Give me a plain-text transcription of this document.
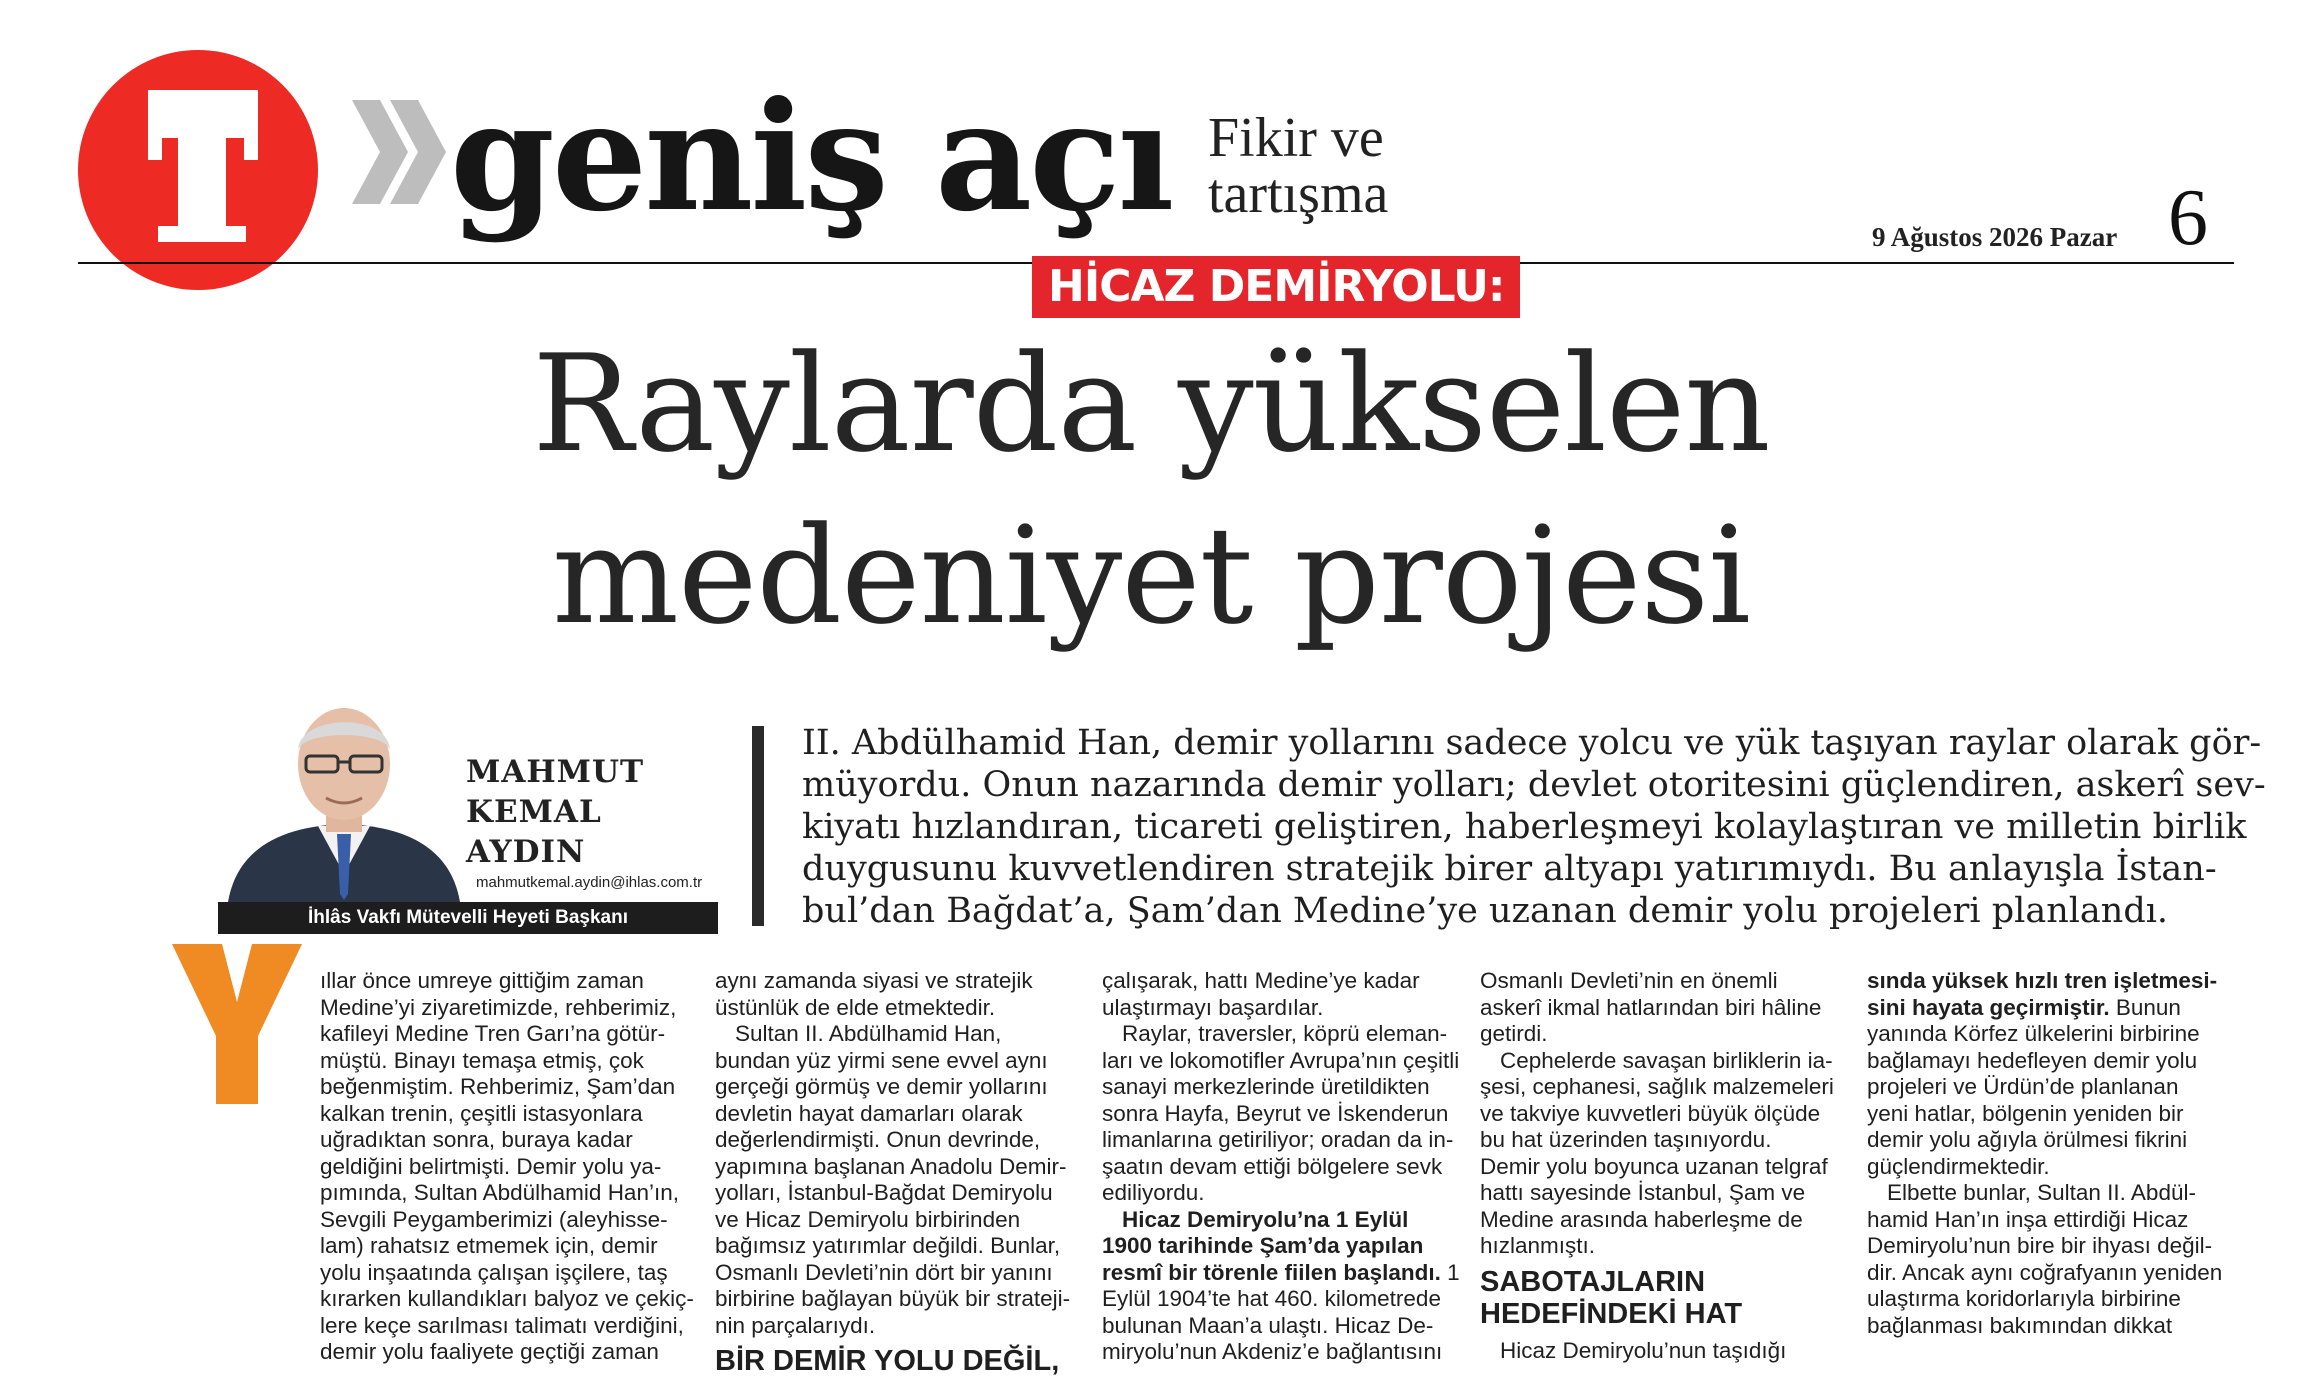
geniş açı Fikir ve
tartışma
9 Ağustos 2026 Pazar 6
HİCAZ DEMİRYOLU:
Raylarda yükselen
medeniyet projesi
MAHMUT
KEMAL
AYDIN
mahmutkemal.aydin@ihlas.com.tr
İhlâs Vakfı Mütevelli Heyeti Başkanı
II. Abdülhamid Han, demir yollarını sadece yolcu ve yük taşıyan raylar olarak gör-
müyordu. Onun nazarında demir yolları; devlet otoritesini güçlendiren, askerî sev-
kiyatı hızlandıran, ticareti geliştiren, haberleşmeyi kolaylaştıran ve milletin birlik
duygusunu kuvvetlendiren stratejik birer altyapı yatırımıydı. Bu anlayışla İstan-
bul’dan Bağdat’a, Şam’dan Medine’ye uzanan demir yolu projeleri planlandı.
ıllar önce umreye gittiğim zaman
Medine’yi ziyaretimizde, rehberimiz,
kafileyi Medine Tren Garı’na götür-
müştü. Binayı temaşa etmiş, çok
beğenmiştim. Rehberimiz, Şam’dan
kalkan trenin, çeşitli istasyonlara
uğradıktan sonra, buraya kadar
geldiğini belirtmişti. Demir yolu ya-
pımında, Sultan Abdülhamid Han’ın,
Sevgili Peygamberimizi (aleyhisse-
lam) rahatsız etmemek için, demir
yolu inşaatında çalışan işçilere, taş
kırarken kullandıkları balyoz ve çekiç-
lere keçe sarılması talimatı verdiğini,
demir yolu faaliyete geçtiği zaman
aynı zamanda siyasi ve stratejik
üstünlük de elde etmektedir.
Sultan II. Abdülhamid Han,
bundan yüz yirmi sene evvel aynı
gerçeği görmüş ve demir yollarını
devletin hayat damarları olarak
değerlendirmişti. Onun devrinde,
yapımına başlanan Anadolu Demir-
yolları, İstanbul-Bağdat Demiryolu
ve Hicaz Demiryolu birbirinden
bağımsız yatırımlar değildi. Bunlar,
Osmanlı Devleti’nin dört bir yanını
birbirine bağlayan büyük bir strateji-
nin parçalarıydı.
BİR DEMİR YOLU DEĞİL,
çalışarak, hattı Medine’ye kadar
ulaştırmayı başardılar.
Raylar, traversler, köprü eleman-
ları ve lokomotifler Avrupa’nın çeşitli
sanayi merkezlerinde üretildikten
sonra Hayfa, Beyrut ve İskenderun
limanlarına getiriliyor; oradan da in-
şaatın devam ettiği bölgelere sevk
ediliyordu.
Hicaz Demiryolu’na 1 Eylül
1900 tarihinde Şam’da yapılan
resmî bir törenle fiilen başlandı. 1
Eylül 1904’te hat 460. kilometrede
bulunan Maan’a ulaştı. Hicaz De-
miryolu’nun Akdeniz’e bağlantısını
Osmanlı Devleti’nin en önemli
askerî ikmal hatlarından biri hâline
getirdi.
Cephelerde savaşan birliklerin ia-
şesi, cephanesi, sağlık malzemeleri
ve takviye kuvvetleri büyük ölçüde
bu hat üzerinden taşınıyordu.
Demir yolu boyunca uzanan telgraf
hattı sayesinde İstanbul, Şam ve
Medine arasında haberleşme de
hızlanmıştı.
SABOTAJLARIN
HEDEFİNDEKİ HAT
Hicaz Demiryolu’nun taşıdığı
sında yüksek hızlı tren işletmesi-
sini hayata geçirmiştir. Bunun
yanında Körfez ülkelerini birbirine
bağlamayı hedefleyen demir yolu
projeleri ve Ürdün’de planlanan
yeni hatlar, bölgenin yeniden bir
demir yolu ağıyla örülmesi fikrini
güçlendirmektedir.
Elbette bunlar, Sultan II. Abdül-
hamid Han’ın inşa ettirdiği Hicaz
Demiryolu’nun bire bir ihyası değil-
dir. Ancak aynı coğrafyanın yeniden
ulaştırma koridorlarıyla birbirine
bağlanması bakımından dikkat
